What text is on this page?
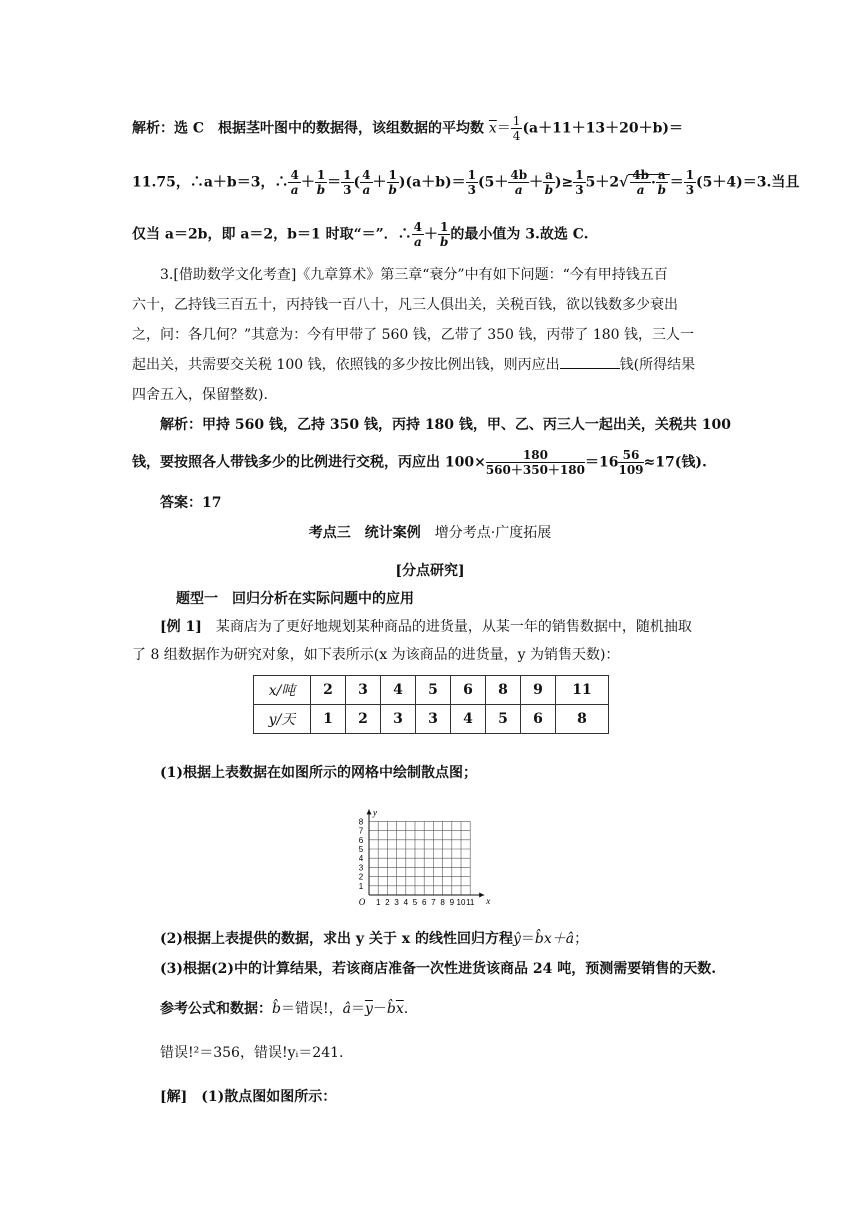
解析：选 C　根据茎叶图中的数据得，该组数据的平均数 $\overline{x}= \frac{1}{4} (a+11+13+20+b)=$
11.75，∴a＋b＝3，∴ $\frac{4}{a}+ \frac{1}{b}= \frac{1}{3}$ ( $\frac{4}{a}+ \frac{1}{b})(a+b)= \frac{1}{3} (5+ \frac{4b}{a}+ \frac{a}{b})\ge \frac{1}{3} 5+2√ \frac{4b}{a}\cdot \frac{a}{b} = \frac{1}{3} (5+4)=3$.当且
仅当 a＝2b，即 a＝2，b＝1 时取“＝”．∴ $\frac{4}{a}+ \frac{1}{b}$的最小值为 3.故选 C.
3.[借助数学文化考查]《九章算术》第三章“衰分”中有如下问题：“今有甲持钱五百
六十，乙持钱三百五十，丙持钱一百八十，凡三人俱出关，关税百钱，欲以钱数多少衰出
之，问：各几何？”其意为：今有甲带了 560 钱，乙带了 350 钱，丙带了 180 钱，三人一
起出关，共需要交关税 100 钱，依照钱的多少按比例出钱，则丙应出	钱(所得结果
四舍五入，保留整数).
解析：甲持 560 钱，乙持 350 钱，丙持 180 钱，甲、乙、丙三人一起出关，关税共 100
钱，要按照各人带钱多少的比例进行交税，丙应出 $100\times \frac{180}{560+350+180} =16 \frac{56}{109} \approx 17$(钱).
答案：17
考点三　统计案例　 增分考点·广度拓展
[分点研究]
题型一　回归分析在实际问题中的应用
[例 1]　某商店为了更好地规划某种商品的进货量，从某一年的销售数据中，随机抽取
了 8 组数据作为研究对象，如下表所示(x 为该商品的进货量，y 为销售天数)：
x/吨	2	3	4	5	6	8	9	11
y/天	1	2	3	3	4	5	6	8
(1)根据上表数据在如图所示的网格中绘制散点图；
8
7
6
5
4
3
2
1
1 2 3 4 5 6 7 8 9 10 11
O	x
y
(2)根据上表提供的数据，求出 y 关于 x 的线性回归方程ŷ＝b̂x＋â；
(3)根据(2)中的计算结果，若该商店准备一次性进货该商品 24 吨，预测需要销售的天数.
参考公式和数据：b̂＝错误!，$â=\overline{y}-b̂\overline{x}$.
错误!²＝356，错误!yᵢ＝241.
[解]　(1)散点图如图所示：
